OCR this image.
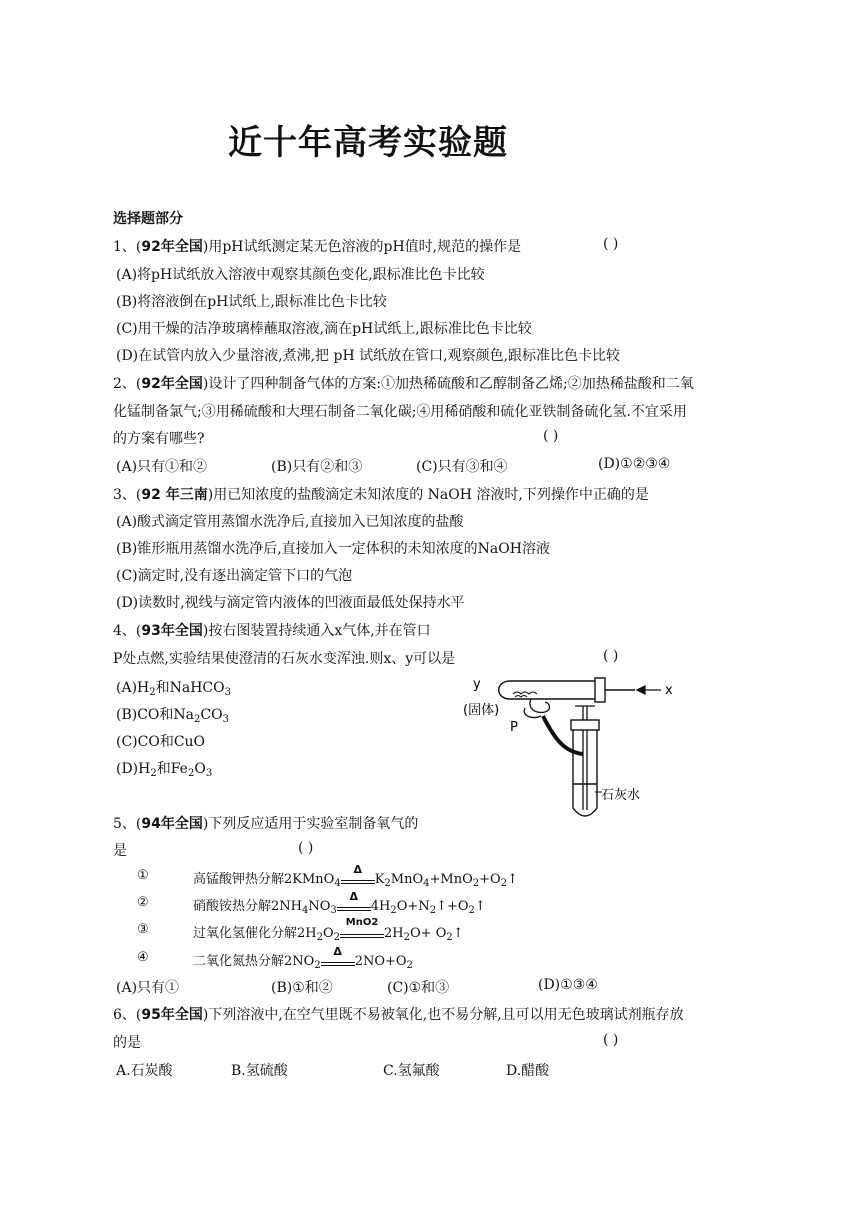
近十年高考实验题
选择题部分
1、(92年全国)用pH试纸测定某无色溶液的pH值时,规范的操作是	( )
(A)将pH试纸放入溶液中观察其颜色变化,跟标准比色卡比较
(B)将溶液倒在pH试纸上,跟标准比色卡比较
(C)用干燥的洁净玻璃棒蘸取溶液,滴在pH试纸上,跟标准比色卡比较
(D)在试管内放入少量溶液,煮沸,把 pH 试纸放在管口,观察颜色,跟标准比色卡比较
2、(92年全国)设计了四种制备气体的方案:①加热稀硫酸和乙醇制备乙烯;②加热稀盐酸和二氧
化锰制备氯气;③用稀硫酸和大理石制备二氧化碳;④用稀硝酸和硫化亚铁制备硫化氢.不宜采用
的方案有哪些?	( )
(A)只有①和②	(B)只有②和③	(C)只有③和④	(D)①②③④
3、(92 年三南)用已知浓度的盐酸滴定未知浓度的 NaOH 溶液时,下列操作中正确的是
(A)酸式滴定管用蒸馏水洗净后,直接加入已知浓度的盐酸
(B)锥形瓶用蒸馏水洗净后,直接加入一定体积的未知浓度的NaOH溶液
(C)滴定时,没有逐出滴定管下口的气泡
(D)读数时,视线与滴定管内液体的凹液面最低处保持水平
4、(93年全国)按右图装置持续通入x气体,并在管口
P处点燃,实验结果使澄清的石灰水变浑浊.则x、y可以是	( )
$(A)H_2$和NaHCO$_3$
(B)CO和$Na_2CO_3$
(C)CO和CuO
$(D)H_2$和$Fe_2O_3$
y
(固体)
P
x
石灰水
5、(94年全国)下列反应适用于实验室制备氧气的
是	( )
①	高锰酸钾热分解2KMnO$_4$
Δ
$K_2MnO_4+MnO_2+O_2↑$
②	硝酸铵热分解$2NH_4NO_3$
Δ
$4H_2O+N_2↑+O_2↑$
③	过氧化氢催化分解$2H_2O_2$
MnO2
$2H_2O+$ $O_2↑$
④	二氧化氮热分解$2NO_2$
Δ
$2NO+O_2$
(A)只有①	(B)①和②	(C)①和③	(D)①③④
6、(95年全国)下列溶液中,在空气里既不易被氧化,也不易分解,且可以用无色玻璃试剂瓶存放
的是	( )
A.石炭酸	B.氢硫酸	C.氢氟酸	D.醋酸
